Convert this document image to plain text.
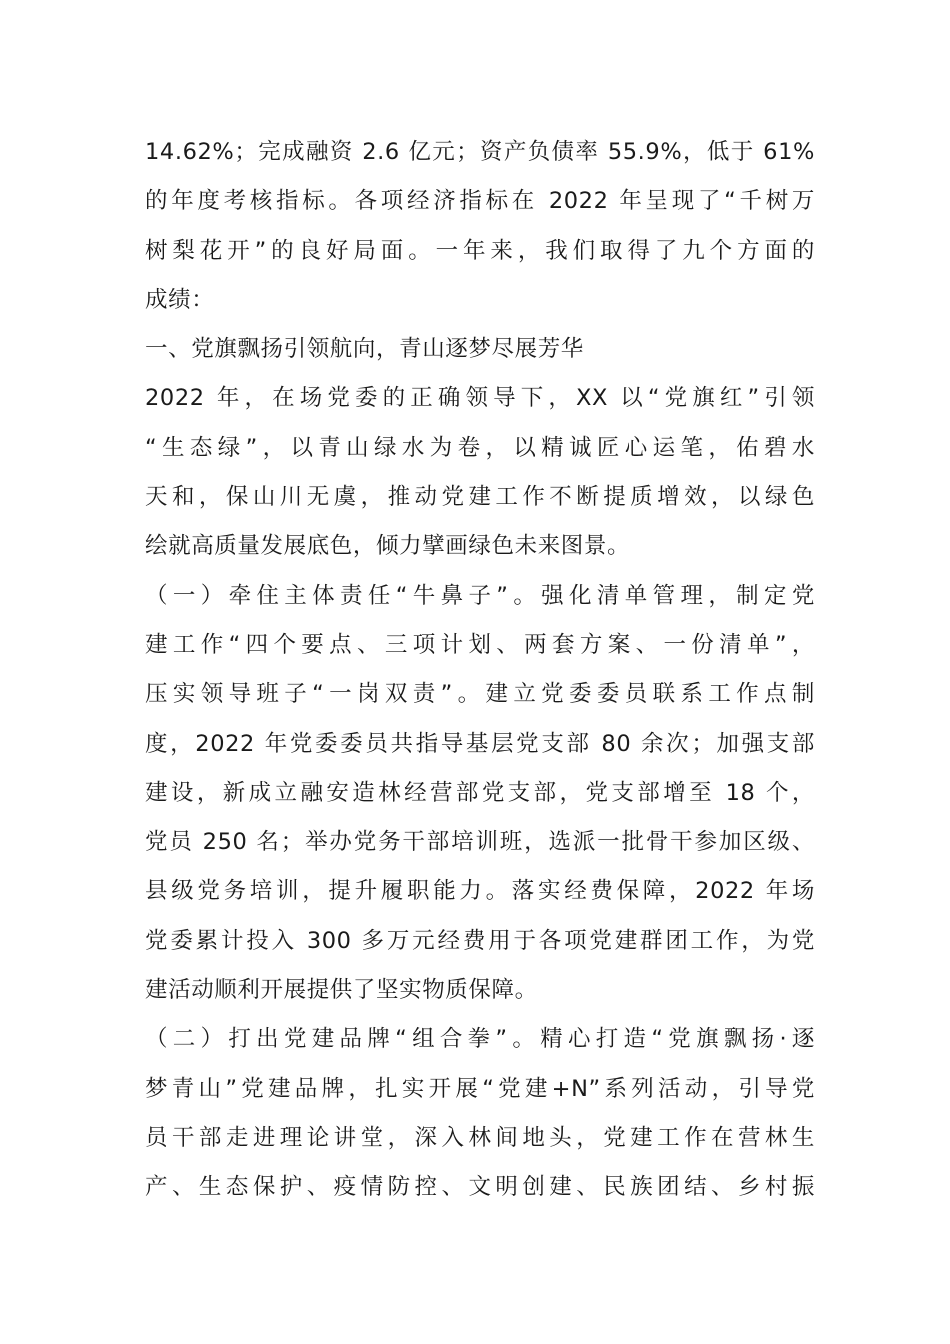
14.62%；完成融资 2.6 亿元；资产负债率 55.9%，低于 61%
的年度考核指标。各项经济指标在 2022 年呈现了“千树万
树梨花开”的良好局面。一年来，我们取得了九个方面的
成绩：
一、党旗飘扬引领航向，青山逐梦尽展芳华
2022 年，在场党委的正确领导下，XX 以“党旗红”引领
“生态绿”，以青山绿水为卷，以精诚匠心运笔，佑碧水
天和，保山川无虞，推动党建工作不断提质增效，以绿色
绘就高质量发展底色，倾力擘画绿色未来图景。
（一）牵住主体责任“牛鼻子”。强化清单管理，制定党
建工作“四个要点、三项计划、两套方案、一份清单”，
压实领导班子“一岗双责”。建立党委委员联系工作点制
度，2022 年党委委员共指导基层党支部 80 余次；加强支部
建设，新成立融安造林经营部党支部，党支部增至 18 个，
党员 250 名；举办党务干部培训班，选派一批骨干参加区级、
县级党务培训，提升履职能力。落实经费保障，2022 年场
党委累计投入 300 多万元经费用于各项党建群团工作，为党
建活动顺利开展提供了坚实物质保障。
（二）打出党建品牌“组合拳”。精心打造“党旗飘扬·逐
梦青山”党建品牌，扎实开展“党建+N”系列活动，引导党
员干部走进理论讲堂，深入林间地头，党建工作在营林生
产、生态保护、疫情防控、文明创建、民族团结、乡村振
